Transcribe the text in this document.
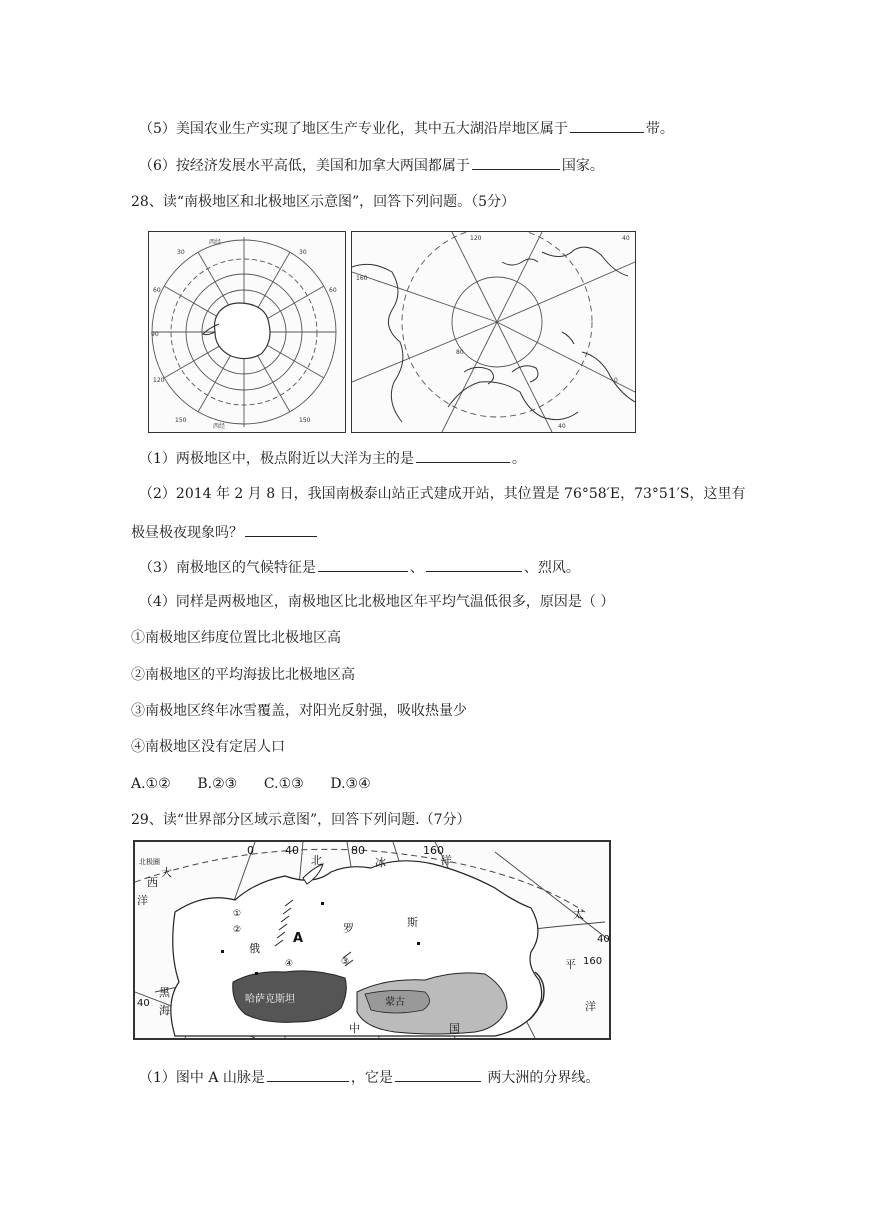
（5）美国农业生产实现了地区生产专业化，其中五大湖沿岸地区属于	带。
（6）按经济发展水平高低，美国和加拿大两国都属于	国家。
28、读“南极地区和北极地区示意图”，回答下列问题。（5分）
西经
30
60
90
120
150
30
60
150
西经
120	40
160
80
0
40
（1）两极地区中，极点附近以大洋为主的是	。
（2）2014 年 2 月 8 日，我国南极泰山站正式建成开站，其位置是 76°58′E，73°51′S，这里有
极昼极夜现象吗？
（3）南极地区的气候特征是	、	、烈风。
（4）同样是两极地区，南极地区比北极地区年平均气温低很多，原因是（ ）
①南极地区纬度位置比北极地区高
②南极地区的平均海拔比北极地区高
③南极地区终年冰雪覆盖，对阳光反射强，吸收热量少
④南极地区没有定居人口
A.①②      B.②③      C.①③      D.③④
29、读“世界部分区域示意图”，回答下列问题.（7分）
北极圈
0	40
北
80
冰
160
洋
大
西
洋
俄
A
罗	斯
太
40
160
平
洋
黑
海
40	哈萨克斯坦	蒙古
中	国
①
②
③
④
（1）图中 A 山脉是	，它是	两大洲的分界线。
